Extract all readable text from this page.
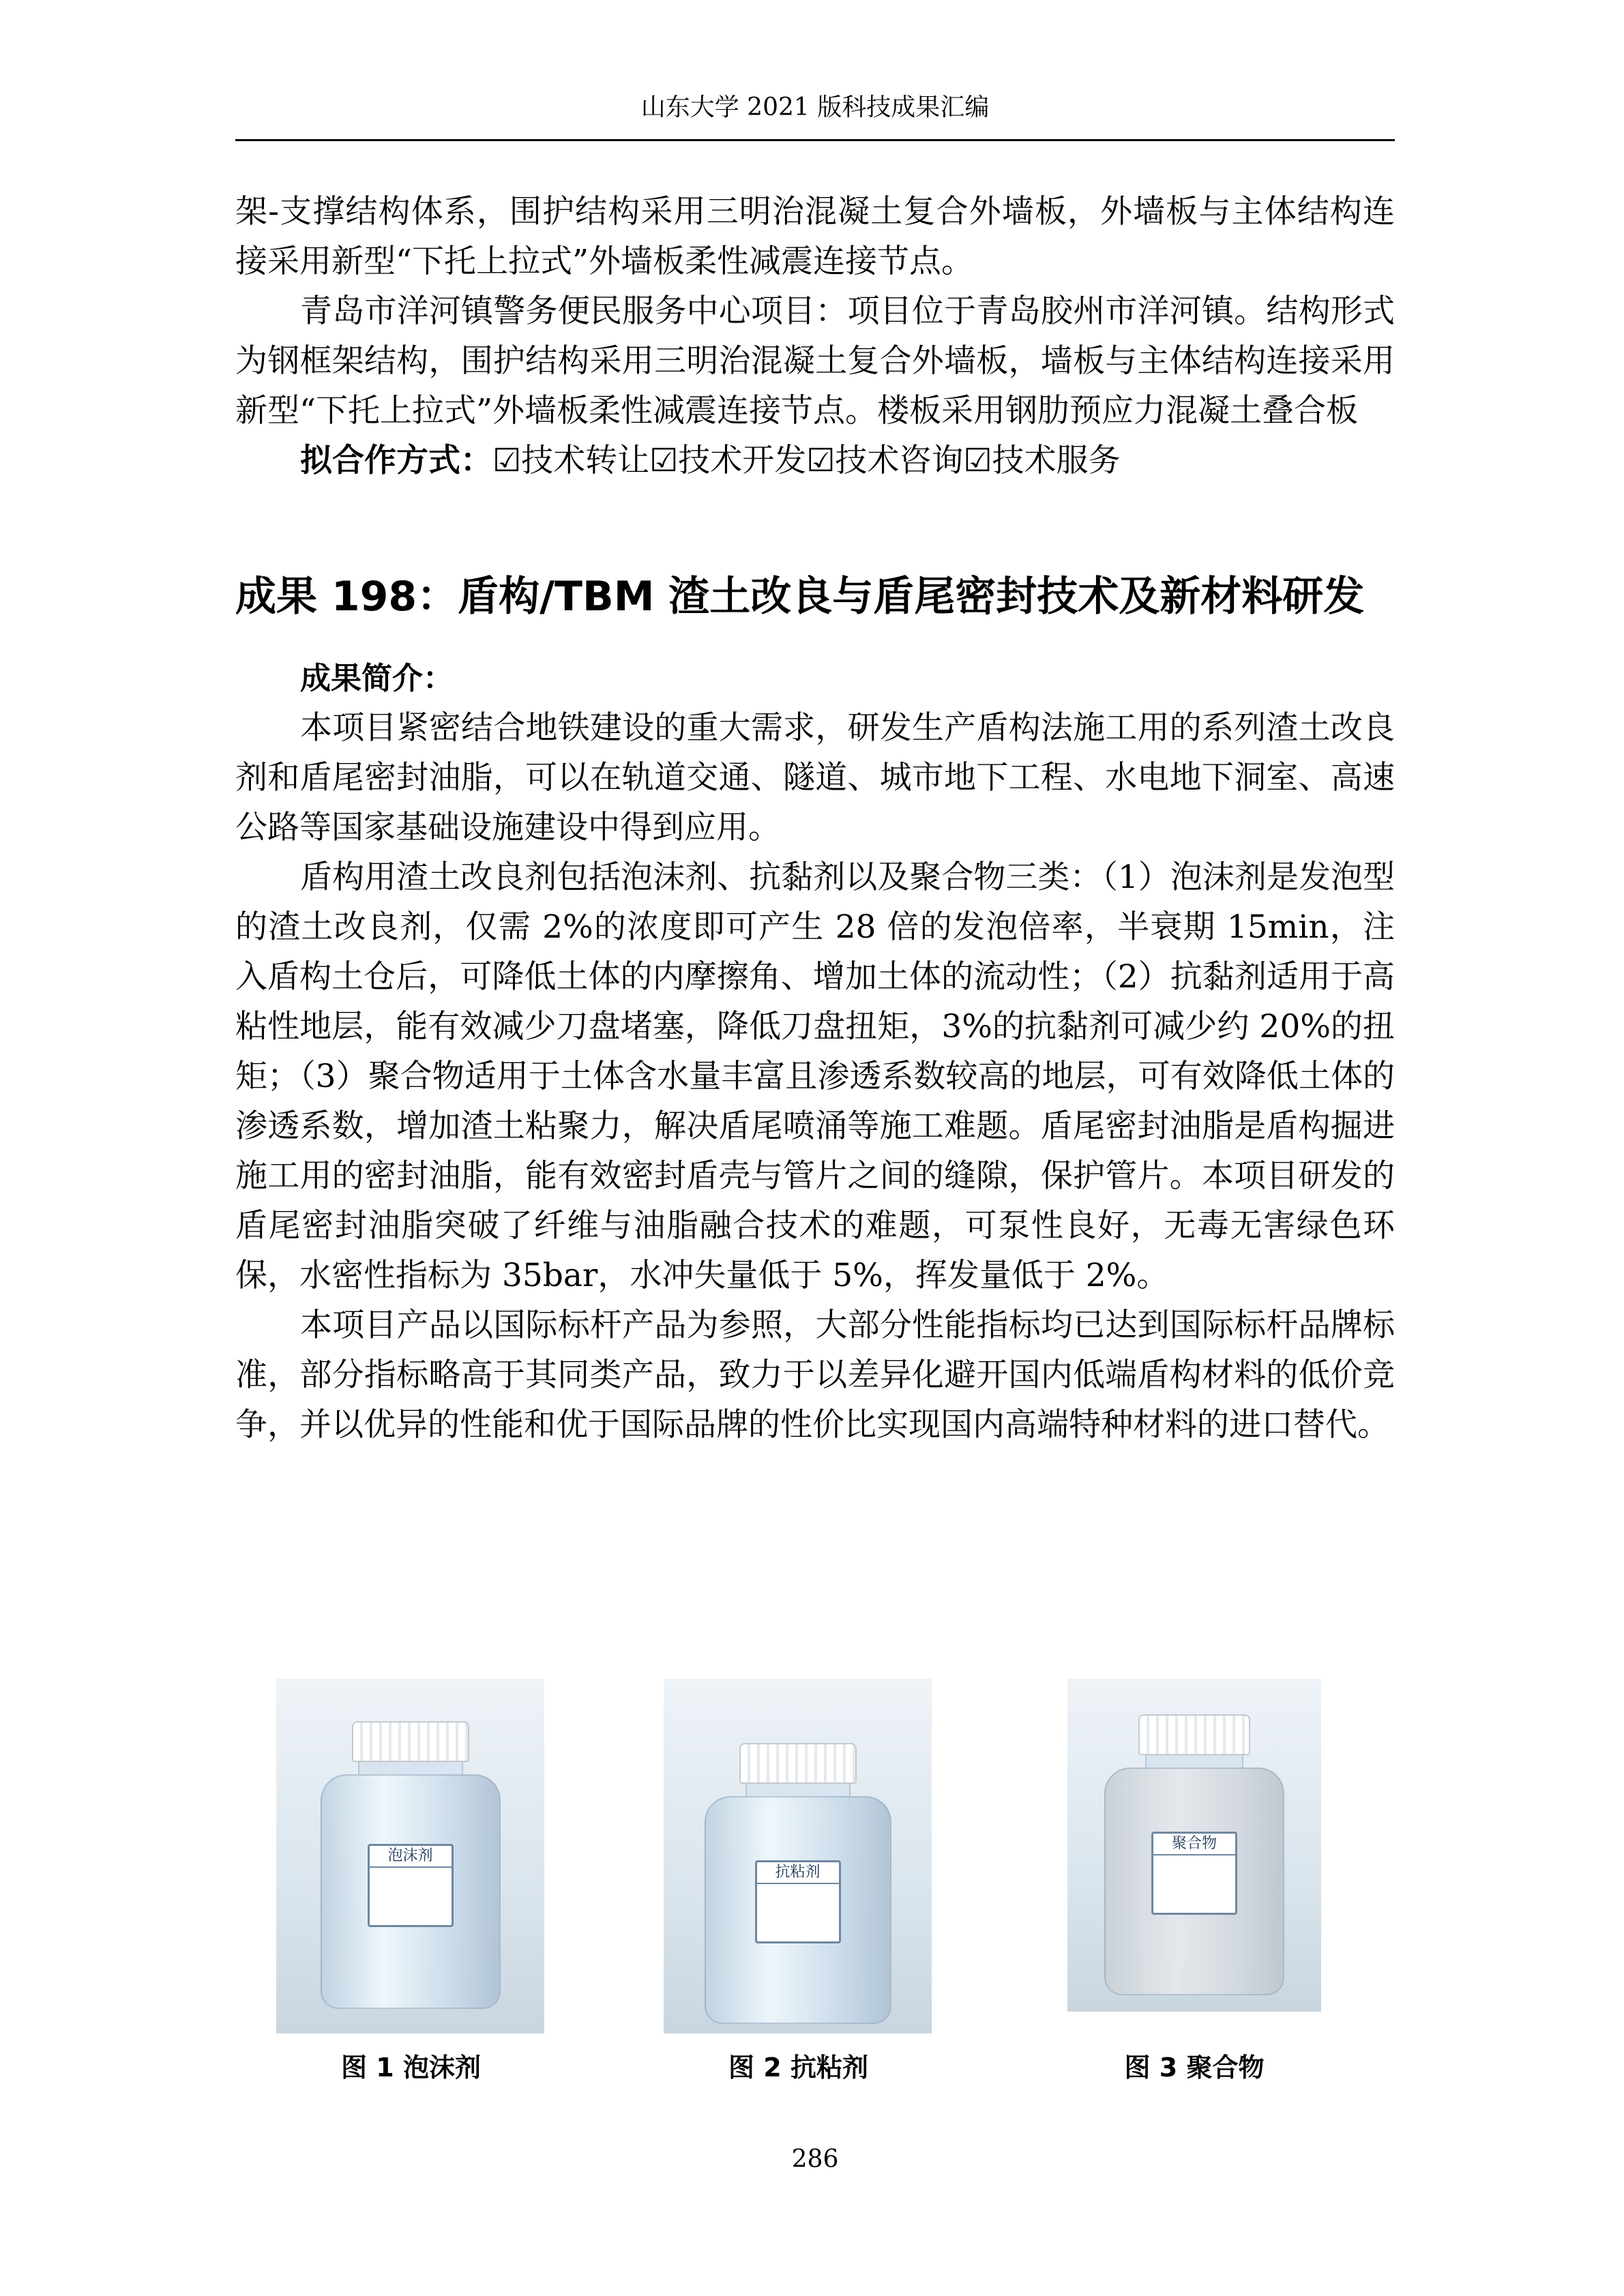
山东大学 2021 版科技成果汇编

架-支撑结构体系，围护结构采用三明治混凝土复合外墙板，外墙板与主体结构连接采用新型“下托上拉式”外墙板柔性减震连接节点。

青岛市洋河镇警务便民服务中心项目：项目位于青岛胶州市洋河镇。结构形式为钢框架结构，围护结构采用三明治混凝土复合外墙板，墙板与主体结构连接采用新型“下托上拉式”外墙板柔性减震连接节点。楼板采用钢肋预应力混凝土叠合板

拟合作方式：☑技术转让☑技术开发☑技术咨询☑技术服务

成果 198：盾构/TBM 渣土改良与盾尾密封技术及新材料研发

成果简介：

本项目紧密结合地铁建设的重大需求，研发生产盾构法施工用的系列渣土改良剂和盾尾密封油脂，可以在轨道交通、隧道、城市地下工程、水电地下洞室、高速公路等国家基础设施建设中得到应用。

盾构用渣土改良剂包括泡沫剂、抗黏剂以及聚合物三类：（1）泡沫剂是发泡型的渣土改良剂，仅需 2%的浓度即可产生 28 倍的发泡倍率，半衰期 15min，注入盾构土仓后，可降低土体的内摩擦角、增加土体的流动性；（2）抗黏剂适用于高粘性地层，能有效减少刀盘堵塞，降低刀盘扭矩，3%的抗黏剂可减少约 20%的扭矩；（3）聚合物适用于土体含水量丰富且渗透系数较高的地层，可有效降低土体的渗透系数，增加渣土粘聚力，解决盾尾喷涌等施工难题。盾尾密封油脂是盾构掘进施工用的密封油脂，能有效密封盾壳与管片之间的缝隙，保护管片。本项目研发的盾尾密封油脂突破了纤维与油脂融合技术的难题，可泵性良好，无毒无害绿色环保，水密性指标为 35bar，水冲失量低于 5%，挥发量低于 2%。

本项目产品以国际标杆产品为参照，大部分性能指标均已达到国际标杆品牌标准，部分指标略高于其同类产品，致力于以差异化避开国内低端盾构材料的低价竞争，并以优异的性能和优于国际品牌的性价比实现国内高端特种材料的进口替代。

泡沫剂
图 1 泡沫剂
抗粘剂
图 2 抗粘剂
聚合物
图 3 聚合物
286
